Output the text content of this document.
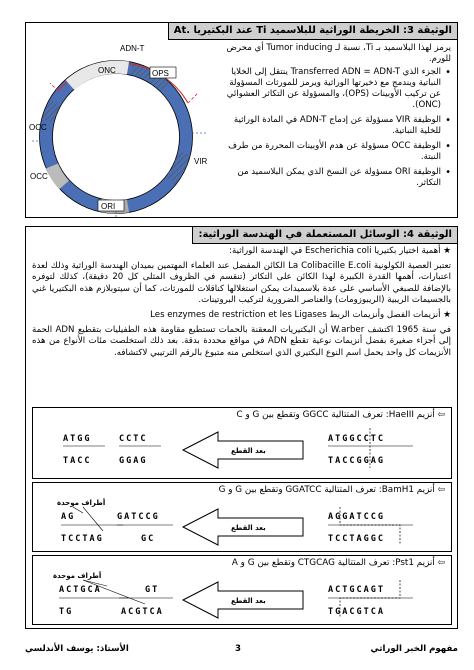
الوثيقة 3: الخريطة الوراثية للبلاسميد Ti عند البكتيريا At.
ADN-T
ONC	OPS
OCC
OCC
VIR
ORI

يرمز لهذا البلاسميد بـ Ti، نسبة لـ Tumor inducing أي محرض للورم.

• الجزء الذي Transferred ADN = ADN-T ينتقل إلى الخلايا النباتية ويندمج مع ذخيرتها الوراثية ويرمز للمورثات المسؤولة عن تركيب الأوبينات (OPS)، والمسؤولة عن التكاثر العشوائي (ONC).
• الوظيفة VIR مسؤولة عن إدماج ADN-T في المادة الوراثية للخلية النباتية.
• الوظيفة OCC مسؤولة عن هدم الأوبينات المحررة من طرف النبتة.
• الوظيفة ORI مسؤولة عن النسخ الذي يمكن البلاسميد من التكاثر.
الوثيقة 4: الوسائل المستعملة في الهندسة الوراثية:

★ أهمية اختيار بكتيريا Escherichia coli في الهندسة الوراثية:

تعتبر العصية الكولونية La Colibacille E.coli الكائن المفضل عند العلماء المهتمين بميدان الهندسة الوراثية وذلك لعدة اعتبارات، أهمها القدرة الكبيرة لهذا الكائن على التكاثر (تنقسم في الظروف المثلى كل 20 دقيقة)، كذلك لتوفره بالإضافة للصبغي الأساسي على عدة بلاسميدات يمكن استغلالها كناقلات للمورثات، كما أن سيتوبلازم هذه البكتيريا غني بالجسيمات الريبية (الريبوزومات) والعناصر الضرورية لتركيب البروتينات.

★ أنزيمات الفصل وأنزيمات الربط Les enzymes de restriction et les Ligases

في سنة 1965 اكتشف W.arber أن البكتيريات المعقنة بالحمات تستطيع مقاومة هذه الطفيليات بتقطيع ADN الحمة إلى أجزاء صغيرة بفضل أنزيمات نوعية تقطع ADN في مواقع محددة بدقة. بعد ذلك استخلصت مئات الأنواع من هذه الأنزيمات كل واحد يحمل اسم النوع البكتيري الذي استخلص منه متبوع بالرقم الترتيبي لاكتشافه.

⇦ أنزيم HaeIII: تعرف المتتالية GGCC وتقطع بين G و C
ATGG
TACC
CCTC
GGAG
ATGGCCTC
TACCGGAG
بعد القطع
⇦ أنزيم BamH1: تعرف المتتالية GGATCC وتقطع بين G و G
أطراف موحدة
AG
TCCTAG
GATCCG
GC
AGGATCCG
TCCTAGGC
بعد القطع
⇦ أنزيم Pst1: تعرف المتتالية CTGCAG وتقطع بين G و A
أطراف موحدة
ACTGCA
TG
GT
ACGTCA
ACTGCAGT
TGACGTCA
بعد القطع
الأستاذ: يوسف الأندلسي	3	مفهوم الخبر الوراثي
